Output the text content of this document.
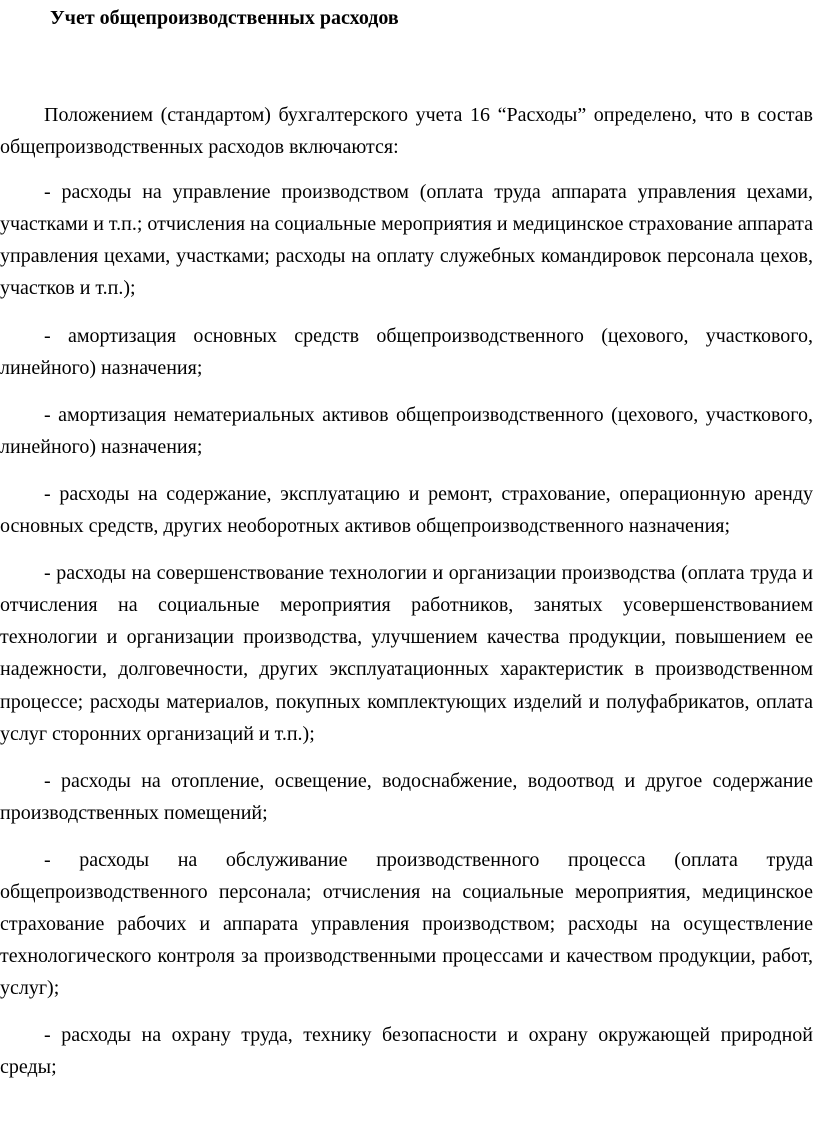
Учет общепроизводственных расходов

Положением (стандартом) бухгалтерского учета 16 “Расходы” определено, что в состав общепроизводственных расходов включаются:

- расходы на управление производством (оплата труда аппарата управления цехами, участками и т.п.; отчисления на социальные мероприятия и медицинское страхование аппарата управления цехами, участками; расходы на оплату служебных командировок персонала цехов, участков и т.п.);

- амортизация основных средств общепроизводственного (цехового, участкового, линейного) назначения;

- амортизация нематериальных активов общепроизводственного (цехового, участкового, линейного) назначения;

- расходы на содержание, эксплуатацию и ремонт, страхование, операционную аренду основных средств, других необоротных активов общепроизводственного назначения;

- расходы на совершенствование технологии и организации производства (оплата труда и отчисления на социальные мероприятия работников, занятых усовершенствованием технологии и организации производства, улучшением качества продукции, повышением ее надежности, долговечности, других эксплуатационных характеристик в производственном процессе; расходы материалов, покупных комплектующих изделий и полуфабрикатов, оплата услуг сторонних организаций и т.п.);

- расходы на отопление, освещение, водоснабжение, водоотвод и другое содержание производственных помещений;

- расходы на обслуживание производственного процесса (оплата труда общепроизводственного персонала; отчисления на социальные мероприятия, медицинское страхование рабочих и аппарата управления производством; расходы на осуществление технологического контроля за производственными процессами и качеством продукции, работ, услуг);

- расходы на охрану труда, технику безопасности и охрану окружающей природной среды;
